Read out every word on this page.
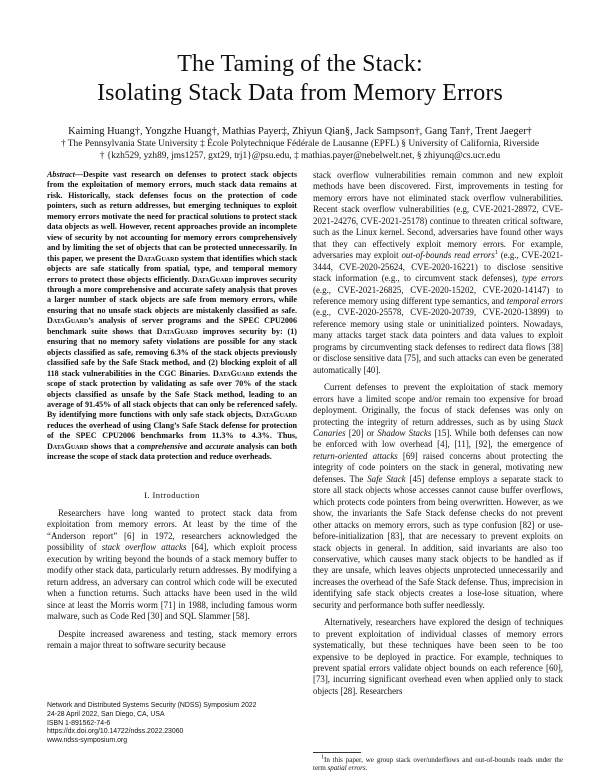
The Taming of the Stack:
Isolating Stack Data from Memory Errors
Kaiming Huang†, Yongzhe Huang†, Mathias Payer‡, Zhiyun Qian§, Jack Sampson†, Gang Tan†, Trent Jaeger†
† The Pennsylvania State University ‡ École Polytechnique Fédérale de Lausanne (EPFL) § University of California, Riverside
† {kzh529, yzh89, jms1257, gxt29, trj1}@psu.edu, ‡ mathias.payer@nebelwelt.net, § zhiyunq@cs.ucr.edu
Abstract—Despite vast research on defenses to protect stack objects from the exploitation of memory errors, much stack data remains at risk. Historically, stack defenses focus on the protection of code pointers, such as return addresses, but emerging techniques to exploit memory errors motivate the need for practical solutions to protect stack data objects as well. However, recent approaches provide an incomplete view of security by not accounting for memory errors comprehensively and by limiting the set of objects that can be protected unnecessarily. In this paper, we present the DataGuard system that identifies which stack objects are safe statically from spatial, type, and temporal memory errors to protect those objects efficiently. DataGuard improves security through a more comprehensive and accurate safety analysis that proves a larger number of stack objects are safe from memory errors, while ensuring that no unsafe stack objects are mistakenly classified as safe. DataGuard’s analysis of server programs and the SPEC CPU2006 benchmark suite shows that DataGuard improves security by: (1) ensuring that no memory safety violations are possible for any stack objects classified as safe, removing 6.3% of the stack objects previously classified safe by the Safe Stack method, and (2) blocking exploit of all 118 stack vulnerabilities in the CGC Binaries. DataGuard extends the scope of stack protection by validating as safe over 70% of the stack objects classified as unsafe by the Safe Stack method, leading to an average of 91.45% of all stack objects that can only be referenced safely. By identifying more functions with only safe stack objects, DataGuard reduces the overhead of using Clang’s Safe Stack defense for protection of the SPEC CPU2006 benchmarks from 11.3% to 4.3%. Thus, DataGuard shows that a comprehensive and accurate analysis can both increase the scope of stack data protection and reduce overheads.
I. Introduction

Researchers have long wanted to protect stack data from exploitation from memory errors. At least by the time of the “Anderson report” [6] in 1972, researchers acknowledged the possibility of stack overflow attacks [64], which exploit process execution by writing beyond the bounds of a stack memory buffer to modify other stack data, particularly return addresses. By modifying a return address, an adversary can control which code will be executed when a function returns. Such attacks have been used in the wild since at least the Morris worm [71] in 1988, including famous worm malware, such as Code Red [30] and SQL Slammer [58].

Despite increased awareness and testing, stack memory errors remain a major threat to software security because

Network and Distributed Systems Security (NDSS) Symposium 2022
24-28 April 2022, San Diego, CA, USA
ISBN 1-891562-74-6
https://dx.doi.org/10.14722/ndss.2022.23060
www.ndss-symposium.org

stack overflow vulnerabilities remain common and new exploit methods have been discovered. First, improvements in testing for memory errors have not eliminated stack overflow vulnerabilities. Recent stack overflow vulnerabilities (e.g, CVE-2021-28972, CVE-2021-24276, CVE-2021-25178) continue to threaten critical software, such as the Linux kernel. Second, adversaries have found other ways that they can effectively exploit memory errors. For example, adversaries may exploit out-of-bounds read errors$^1$ (e.g., CVE-2021-3444, CVE-2020-25624, CVE-2020-16221) to disclose sensitive stack information (e.g., to circumvent stack defenses), type errors (e.g., CVE-2021-26825, CVE-2020-15202, CVE-2020-14147) to reference memory using different type semantics, and temporal errors (e.g., CVE-2020-25578, CVE-2020-20739, CVE-2020-13899) to reference memory using stale or uninitialized pointers. Nowadays, many attacks target stack data pointers and data values to exploit programs by circumventing stack defenses to redirect data flows [38] or disclose sensitive data [75], and such attacks can even be generated automatically [40].

Current defenses to prevent the exploitation of stack memory errors have a limited scope and/or remain too expensive for broad deployment. Originally, the focus of stack defenses was only on protecting the integrity of return addresses, such as by using Stack Canaries [20] or Shadow Stacks [15]. While both defenses can now be enforced with low overhead [4], [11], [92], the emergence of return-oriented attacks [69] raised concerns about protecting the integrity of code pointers on the stack in general, motivating new defenses. The Safe Stack [45] defense employs a separate stack to store all stack objects whose accesses cannot cause buffer overflows, which protects code pointers from being overwritten. However, as we show, the invariants the Safe Stack defense checks do not prevent other attacks on memory errors, such as type confusion [82] or use-before-initialization [83], that are necessary to prevent exploits on stack objects in general. In addition, said invariants are also too conservative, which causes many stack objects to be handled as if they are unsafe, which leaves objects unprotected unnecessarily and increases the overhead of the Safe Stack defense. Thus, imprecision in identifying safe stack objects creates a lose-lose situation, where security and performance both suffer needlessly.

Alternatively, researchers have explored the design of techniques to prevent exploitation of individual classes of memory errors systematically, but these techniques have been seen to be too expensive to be deployed in practice. For example, techniques to prevent spatial errors validate object bounds on each reference [60], [73], incurring significant overhead even when applied only to stack objects [28]. Researchers

$^1$In this paper, we group stack over/underflows and out-of-bounds reads under the term spatial errors.
